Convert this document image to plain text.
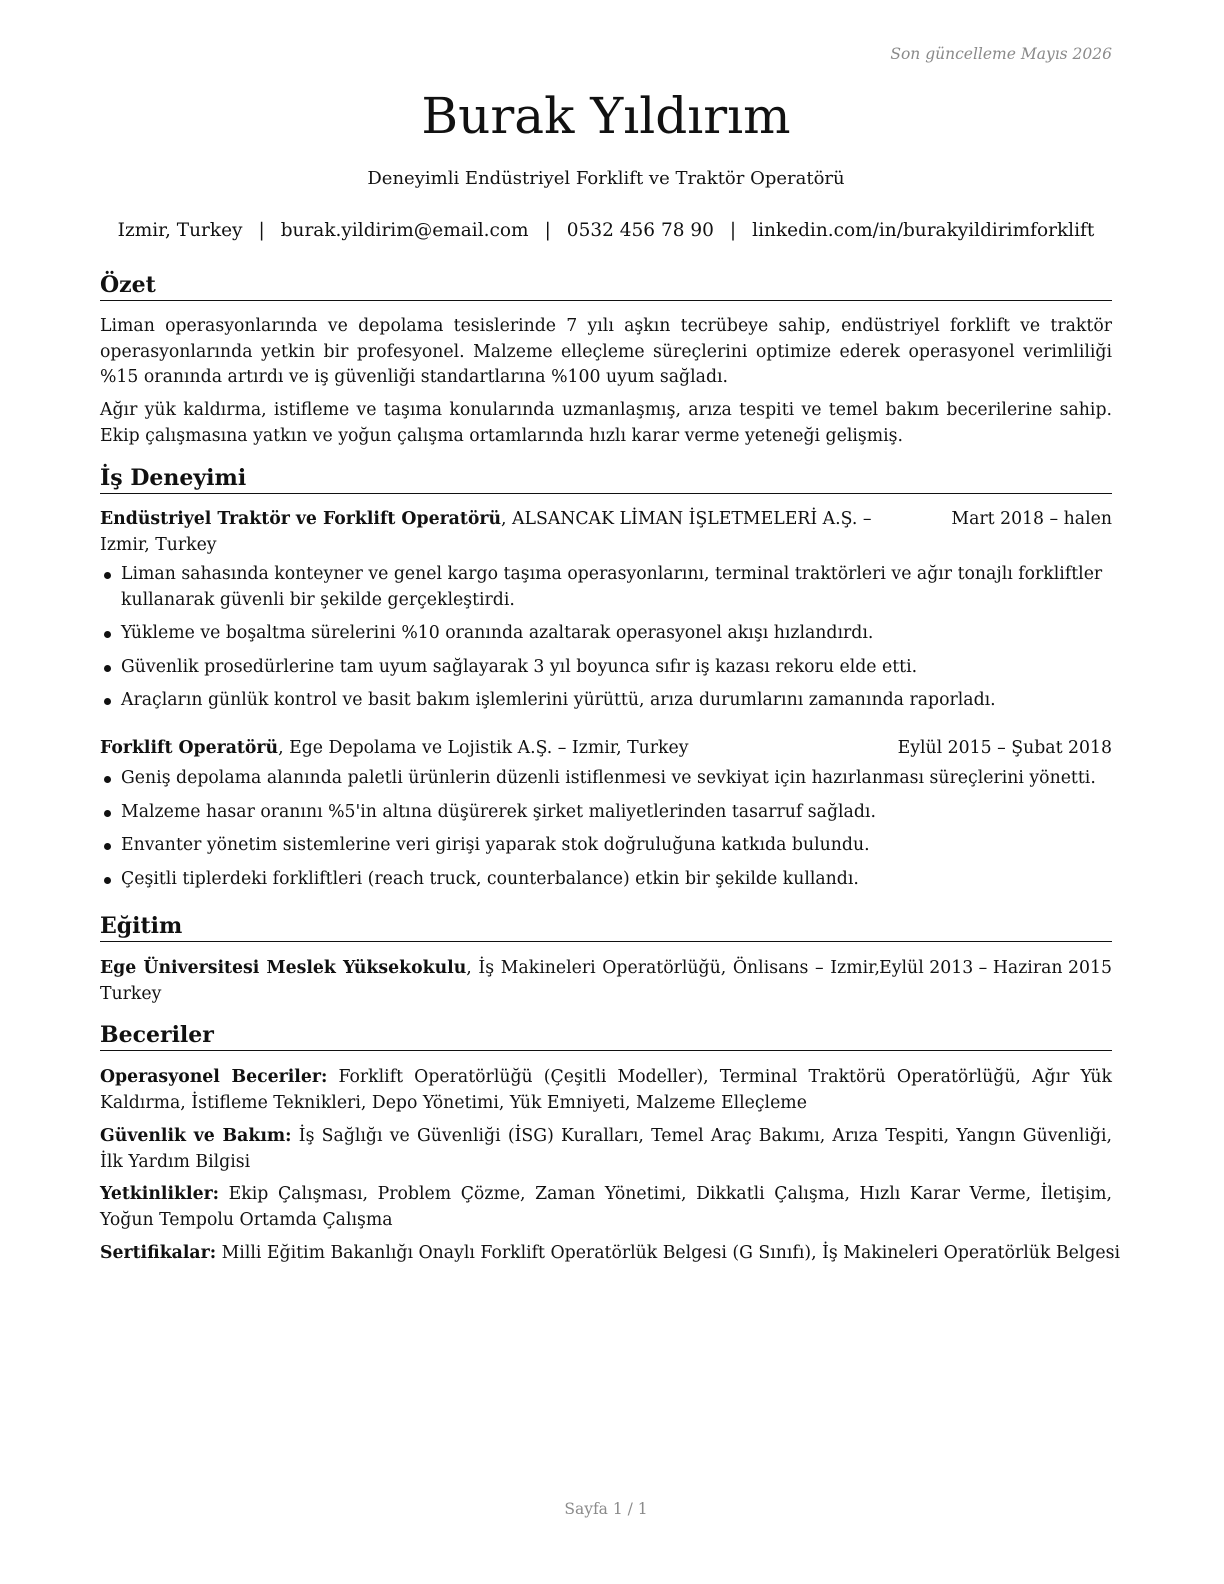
Son güncelleme Mayıs 2026
Burak Yıldırım
Deneyimli Endüstriyel Forklift ve Traktör Operatörü
Izmir, Turkey | burak.yildirim@email.com | 0532 456 78 90 | linkedin.com/in/burakyildirimforklift
Özet

Liman operasyonlarında ve depolama tesislerinde 7 yılı aşkın tecrübeye sahip, endüstriyel forklift ve traktör operasyonlarında yetkin bir profesyonel. Malzeme elleçleme süreçlerini optimize ederek operasyonel verimliliği %15 oranında artırdı ve iş güvenliği standartlarına %100 uyum sağladı.

Ağır yük kaldırma, istifleme ve taşıma konularında uzmanlaşmış, arıza tespiti ve temel bakım becerilerine sahip. Ekip çalışmasına yatkın ve yoğun çalışma ortamlarında hızlı karar verme yeteneği gelişmiş.

İş Deneyimi
Endüstriyel Traktör ve Forklift Operatörü, ALSANCAK LİMAN İŞLETMELERİ A.Ş. – Izmir, Turkey
Mart 2018 – halen
Liman sahasında konteyner ve genel kargo taşıma operasyonlarını, terminal traktörleri ve ağır tonajlı forkliftler kullanarak güvenli bir şekilde gerçekleştirdi.
Yükleme ve boşaltma sürelerini %10 oranında azaltarak operasyonel akışı hızlandırdı.
Güvenlik prosedürlerine tam uyum sağlayarak 3 yıl boyunca sıfır iş kazası rekoru elde etti.
Araçların günlük kontrol ve basit bakım işlemlerini yürüttü, arıza durumlarını zamanında raporladı.
Forklift Operatörü, Ege Depolama ve Lojistik A.Ş. – Izmir, Turkey	Eylül 2015 – Şubat 2018
Geniş depolama alanında paletli ürünlerin düzenli istiflenmesi ve sevkiyat için hazırlanması süreçlerini yönetti.
Malzeme hasar oranını %5'in altına düşürerek şirket maliyetlerinden tasarruf sağladı.
Envanter yönetim sistemlerine veri girişi yaparak stok doğruluğuna katkıda bulundu.
Çeşitli tiplerdeki forkliftleri (reach truck, counterbalance) etkin bir şekilde kullandı.
Eğitim
Ege Üniversitesi Meslek Yüksekokulu, İş Makineleri Operatörlüğü, Önlisans – Izmir, Turkey
Eylül 2013 – Haziran 2015
Beceriler

Operasyonel Beceriler: Forklift Operatörlüğü (Çeşitli Modeller), Terminal Traktörü Operatörlüğü, Ağır Yük Kaldırma, İstifleme Teknikleri, Depo Yönetimi, Yük Emniyeti, Malzeme Elleçleme

Güvenlik ve Bakım: İş Sağlığı ve Güvenliği (İSG) Kuralları, Temel Araç Bakımı, Arıza Tespiti, Yangın Güvenliği, İlk Yardım Bilgisi

Yetkinlikler: Ekip Çalışması, Problem Çözme, Zaman Yönetimi, Dikkatli Çalışma, Hızlı Karar Verme, İletişim, Yoğun Tempolu Ortamda Çalışma

Sertifikalar: Milli Eğitim Bakanlığı Onaylı Forklift Operatörlük Belgesi (G Sınıfı), İş Makineleri Operatörlük Belgesi

Sayfa 1 / 1
